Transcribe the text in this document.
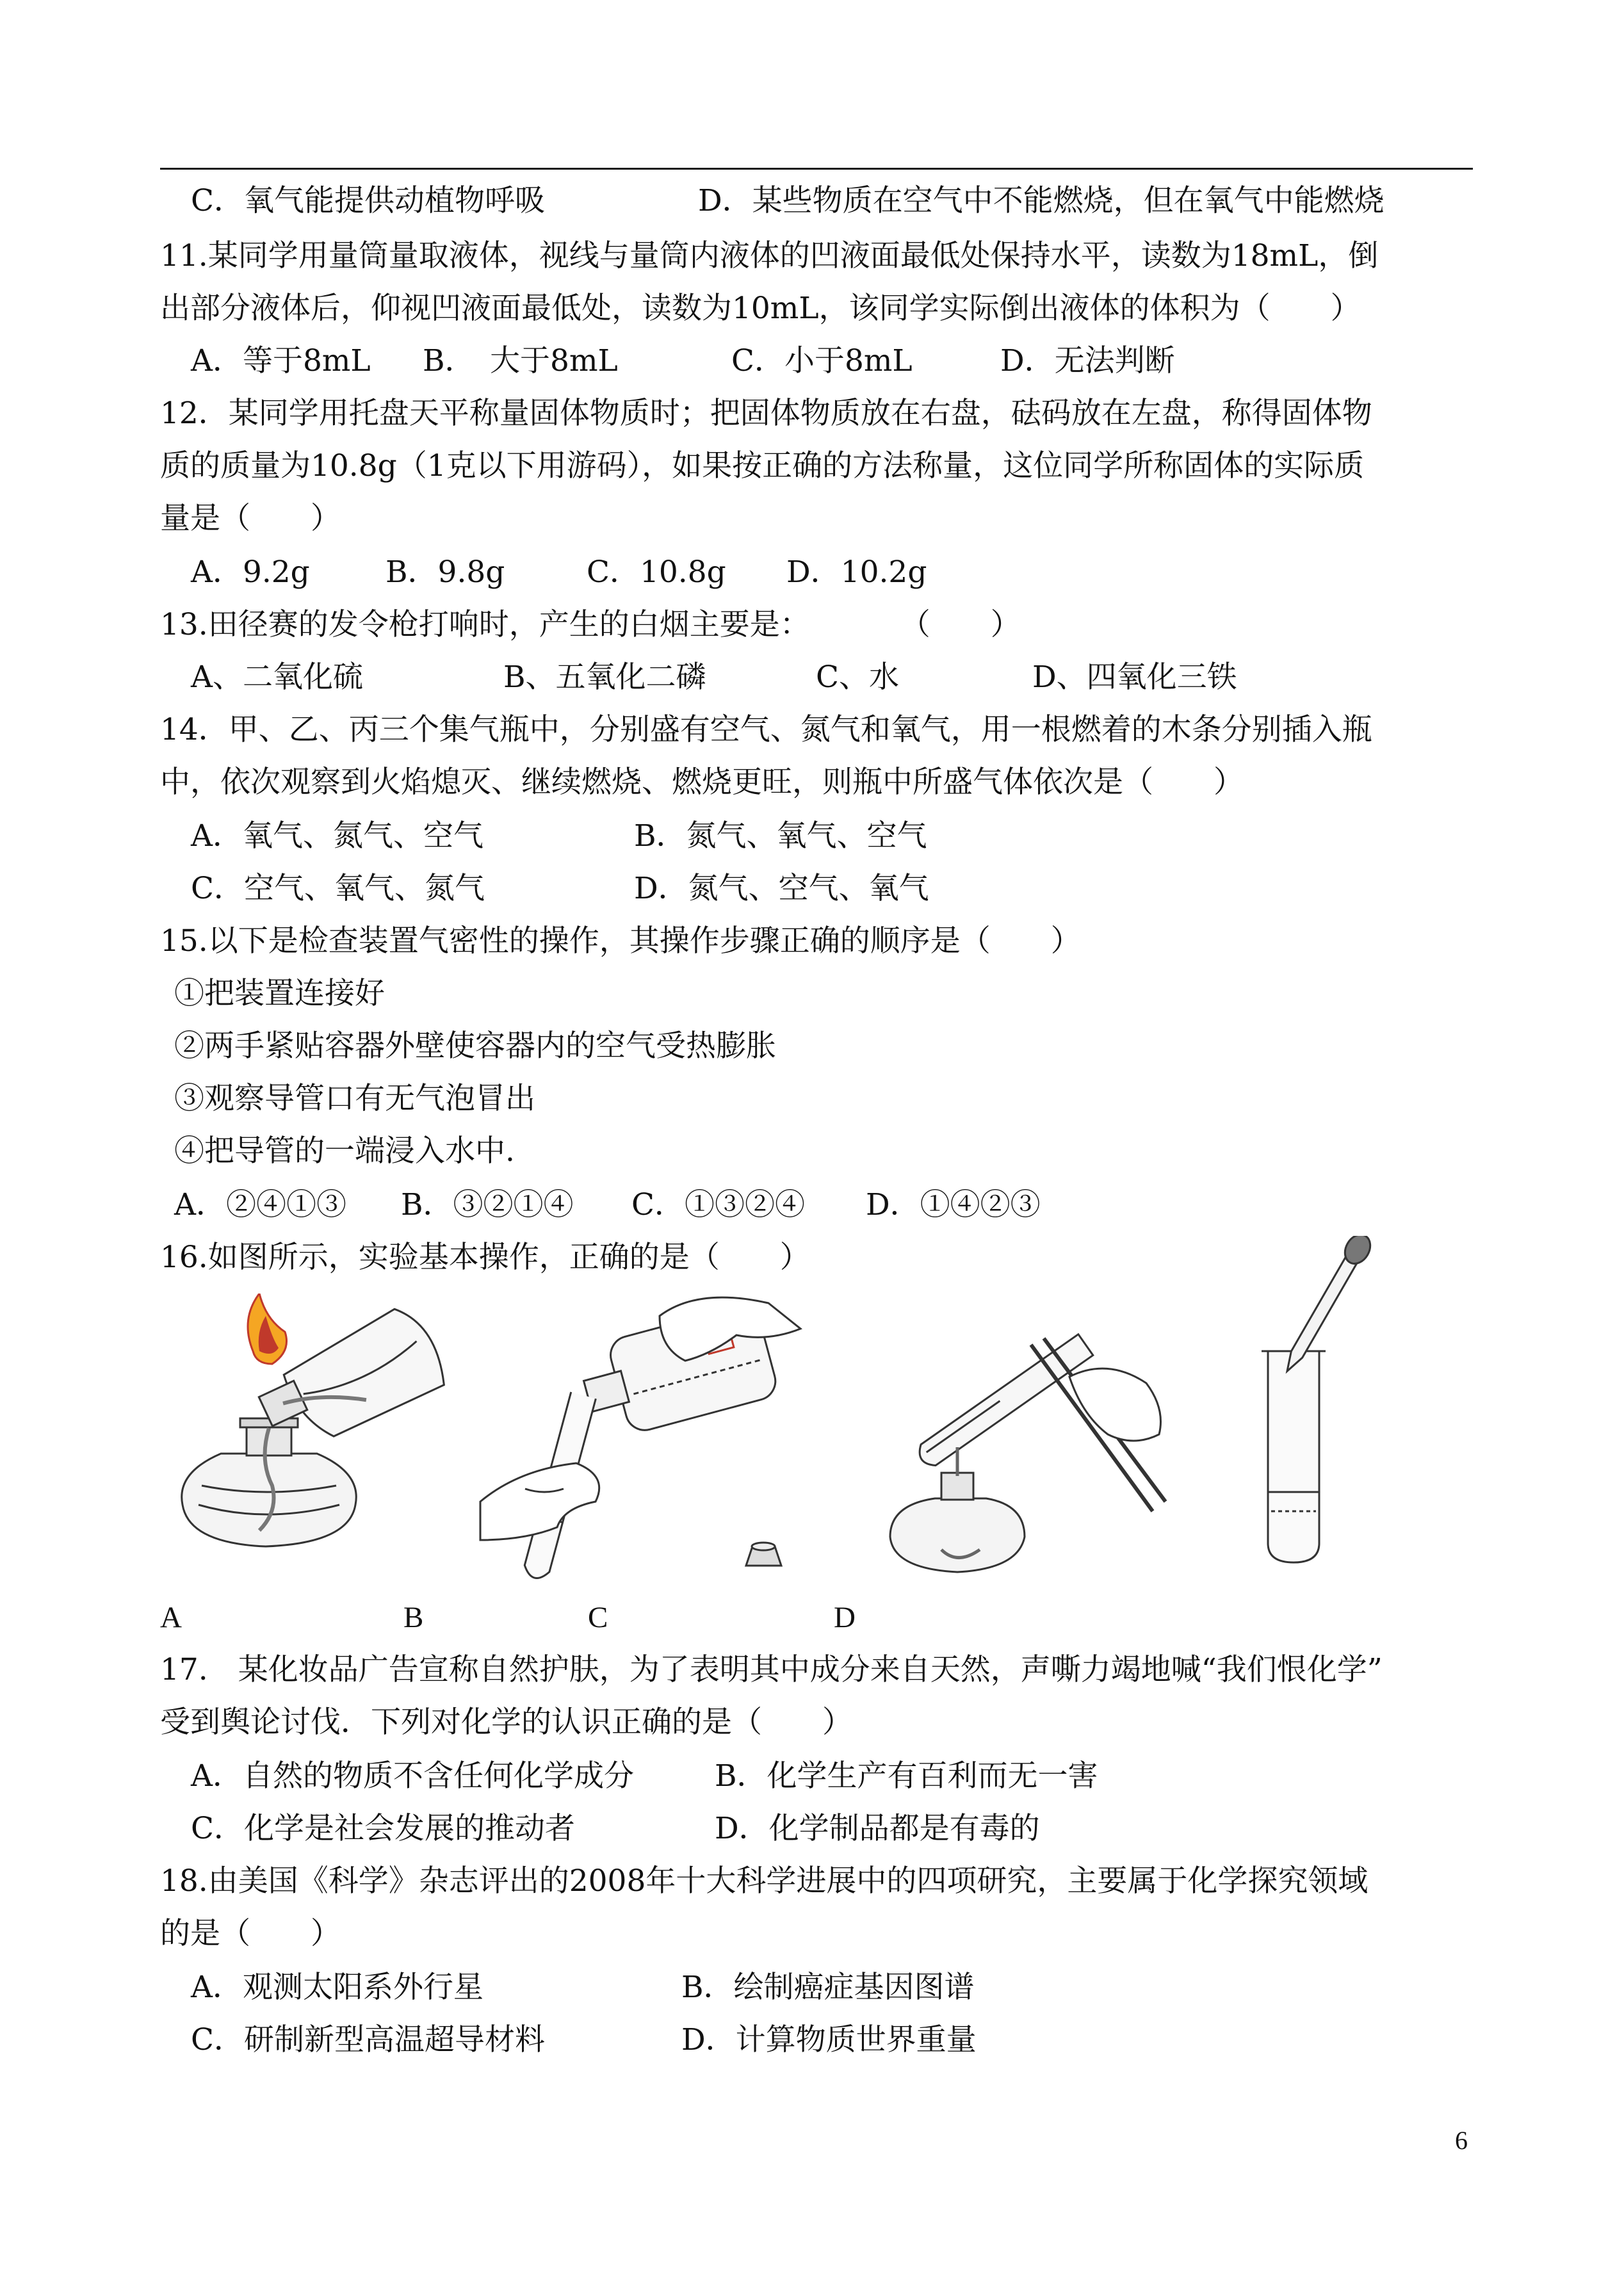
C．氧气能提供动植物呼吸	D．某些物质在空气中不能燃烧，但在氧气中能燃烧
11.某同学用量筒量取液体，视线与量筒内液体的凹液面最低处保持水平，读数为18mL，倒
出部分液体后，仰视凹液面最低处，读数为10mL，该同学实际倒出液体的体积为（　　）
A．等于8mL B．　大于8mL	C．小于8mL	D．无法判断
12．某同学用托盘天平称量固体物质时；把固体物质放在右盘，砝码放在左盘，称得固体物
质的质量为10.8g（1克以下用游码），如果按正确的方法称量，这位同学所称固体的实际质
量是（　　）
A．9.2g	B．9.8g	C．10.8g D．10.2g
13.田径赛的发令枪打响时，产生的白烟主要是：　　　　（　　）
A、二氧化硫	B、五氧化二磷	C、水	D、四氧化三铁
14．甲、乙、丙三个集气瓶中，分别盛有空气、氮气和氧气，用一根燃着的木条分别插入瓶
中，依次观察到火焰熄灭、继续燃烧、燃烧更旺，则瓶中所盛气体依次是（　　）
A．氧气、氮气、空气	B．氮气、氧气、空气
C．空气、氧气、氮气	D．氮气、空气、氧气
15.以下是检查装置气密性的操作，其操作步骤正确的顺序是（　　）
①把装置连接好
②两手紧贴容器外壁使容器内的空气受热膨胀
③观察导管口有无气泡冒出
④把导管的一端浸入水中.
A．②④①③ B．③②①④ C．①③②④ D．①④②③
16.如图所示，实验基本操作，正确的是（　　）
A	B	C	D
17.　某化妆品广告宣称自然护肤，为了表明其中成分来自天然，声嘶力竭地喊“我们恨化学”
受到舆论讨伐．下列对化学的认识正确的是（　　）
A．自然的物质不含任何化学成分	B．化学生产有百利而无一害
C．化学是社会发展的推动者	D．化学制品都是有毒的
18.由美国《科学》杂志评出的2008年十大科学进展中的四项研究，主要属于化学探究领域
的是（　　）
A．观测太阳系外行星	B．绘制癌症基因图谱
C．研制新型高温超导材料	D．计算物质世界重量
6
